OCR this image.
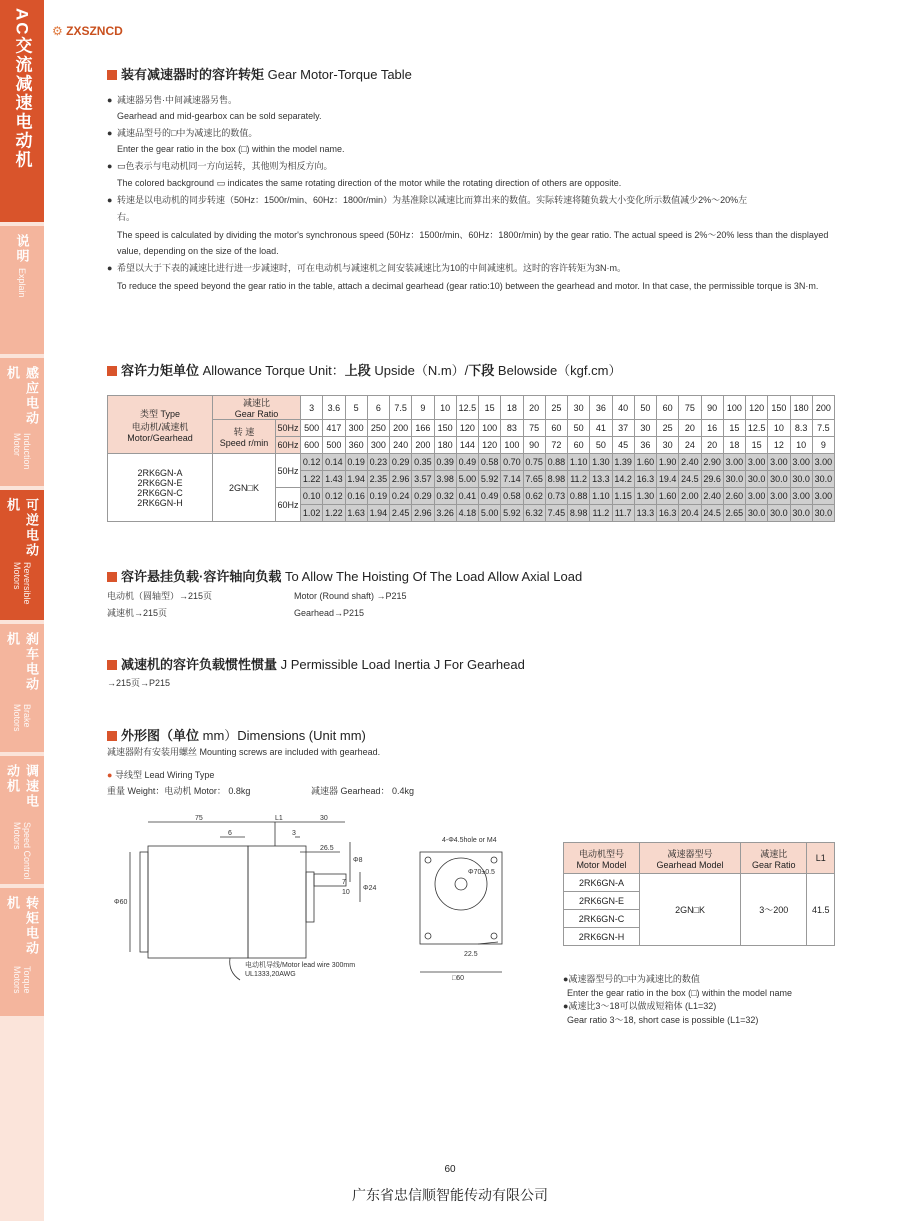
AC交流减速电动机
说明
Explain
感应电动机
Induction Motor
可逆电动机
Reversible Motors
刹车电动机
Brake Motors
调速电动机
Speed Control Motors
转矩电动机
Torque Motors
⚙ ZXSZNCD
装有减速器时的容许转矩 Gear Motor-Torque Table
● 减速器另售·中间减速器另售。
Gearhead and mid-gearbox can be sold separately.
● 减速品型号的□中为减速比的数值。
Enter the gear ratio in the box (□) within the model name.
● ▭色表示与电动机同一方向运转，其他则为相反方向。
The colored background ▭ indicates the same rotating direction of the motor while the rotating direction of others are opposite.
● 转速是以电动机的同步转速（50Hz：1500r/min、60Hz：1800r/min）为基准除以减速比而算出来的数值。实际转速将随负载大小变化所示数值减少2%～20%左
右。
The speed is calculated by dividing the motor's synchronous speed (50Hz：1500r/min、60Hz：1800r/min) by the gear ratio. The actual speed is 2%～20% less than the displayed
value, depending on the size of the load.
● 希望以大于下表的减速比进行进一步减速时，可在电动机与减速机之间安装减速比为10的中间减速机。这时的容许转矩为3N·m。
To reduce the speed beyond the gear ratio in the table, attach a decimal gearhead (gear ratio:10) between the gearhead and motor. In that case, the permissible torque is 3N·m.
容许力矩单位 Allowance Torque Unit：上段 Upside（N.m）/下段 Belowside（kgf.cm）
类型 Type
电动机/减速机
Motor/Gearhead	减速比
Gear Ratio		3	3.6	5	6	7.5	9	10	12.5	15	18	20	25	30	36	40	50	60	75	90	100	120	150	180	200
	转 速
Speed r/min	50Hz	500	417	300	250	200	166	150	120	100	83	75	60	50	41	37	30	25	20	16	15	12.5	10	8.3	7.5
		60Hz	600	500	360	300	240	200	180	144	120	100	90	72	60	50	45	36	30	24	20	18	15	12	10	9
2RK6GN-A
2RK6GN-E
2RK6GN-C
2RK6GN-H	2GN□K	50Hz	0.12	0.14	0.19	0.23	0.29	0.35	0.39	0.49	0.58	0.70	0.75	0.88	1.10	1.30	1.39	1.60	1.90	2.40	2.90	3.00	3.00	3.00	3.00	3.00
			1.22	1.43	1.94	2.35	2.96	3.57	3.98	5.00	5.92	7.14	7.65	8.98	11.2	13.3	14.2	16.3	19.4	24.5	29.6	30.0	30.0	30.0	30.0	30.0
		60Hz	0.10	0.12	0.16	0.19	0.24	0.29	0.32	0.41	0.49	0.58	0.62	0.73	0.88	1.10	1.15	1.30	1.60	2.00	2.40	2.60	3.00	3.00	3.00	3.00
			1.02	1.22	1.63	1.94	2.45	2.96	3.26	4.18	5.00	5.92	6.32	7.45	8.98	11.2	11.7	13.3	16.3	20.4	24.5	2.65	30.0	30.0	30.0	30.0
容许悬挂负载·容许轴向负载 To Allow The Hoisting Of The Load Allow Axial Load
电动机（圆轴型）→215页
减速机→215页
Motor (Round shaft) →P215
Gearhead→P215
减速机的容许负载惯性惯量 J Permissible Load Inertia J For Gearhead
→215页→P215
外形图（单位 mm）Dimensions (Unit mm)
减速器附有安装用螺丝 Mounting screws are included with gearhead.
● 导线型 Lead Wiring Type
重量 Weight：电动机 Motor： 0.8kg	减速器 Gearhead： 0.4kg
75	L1	30
6	3
26.5
Φ8
7
Φ24
10
Φ60
电动机导线/Motor lead wire 300mm
UL1333,20AWG
4-Φ4.5hole or M4
Φ70±0.5
22.5
□60
电动机型号
Motor Model	减速器型号
Gearhead Model	减速比
Gear Ratio	L1
2RK6GN-A	2GN□K	3～200	41.5
2RK6GN-E			
2RK6GN-C			
2RK6GN-H			
●减速器型号的□中为减速比的数值
Enter the gear ratio in the box (□) within the model name
●减速比3～18可以做成短箱体 (L1=32)
Gear ratio 3～18, short case is possible (L1=32)
60
广东省忠信顺智能传动有限公司
